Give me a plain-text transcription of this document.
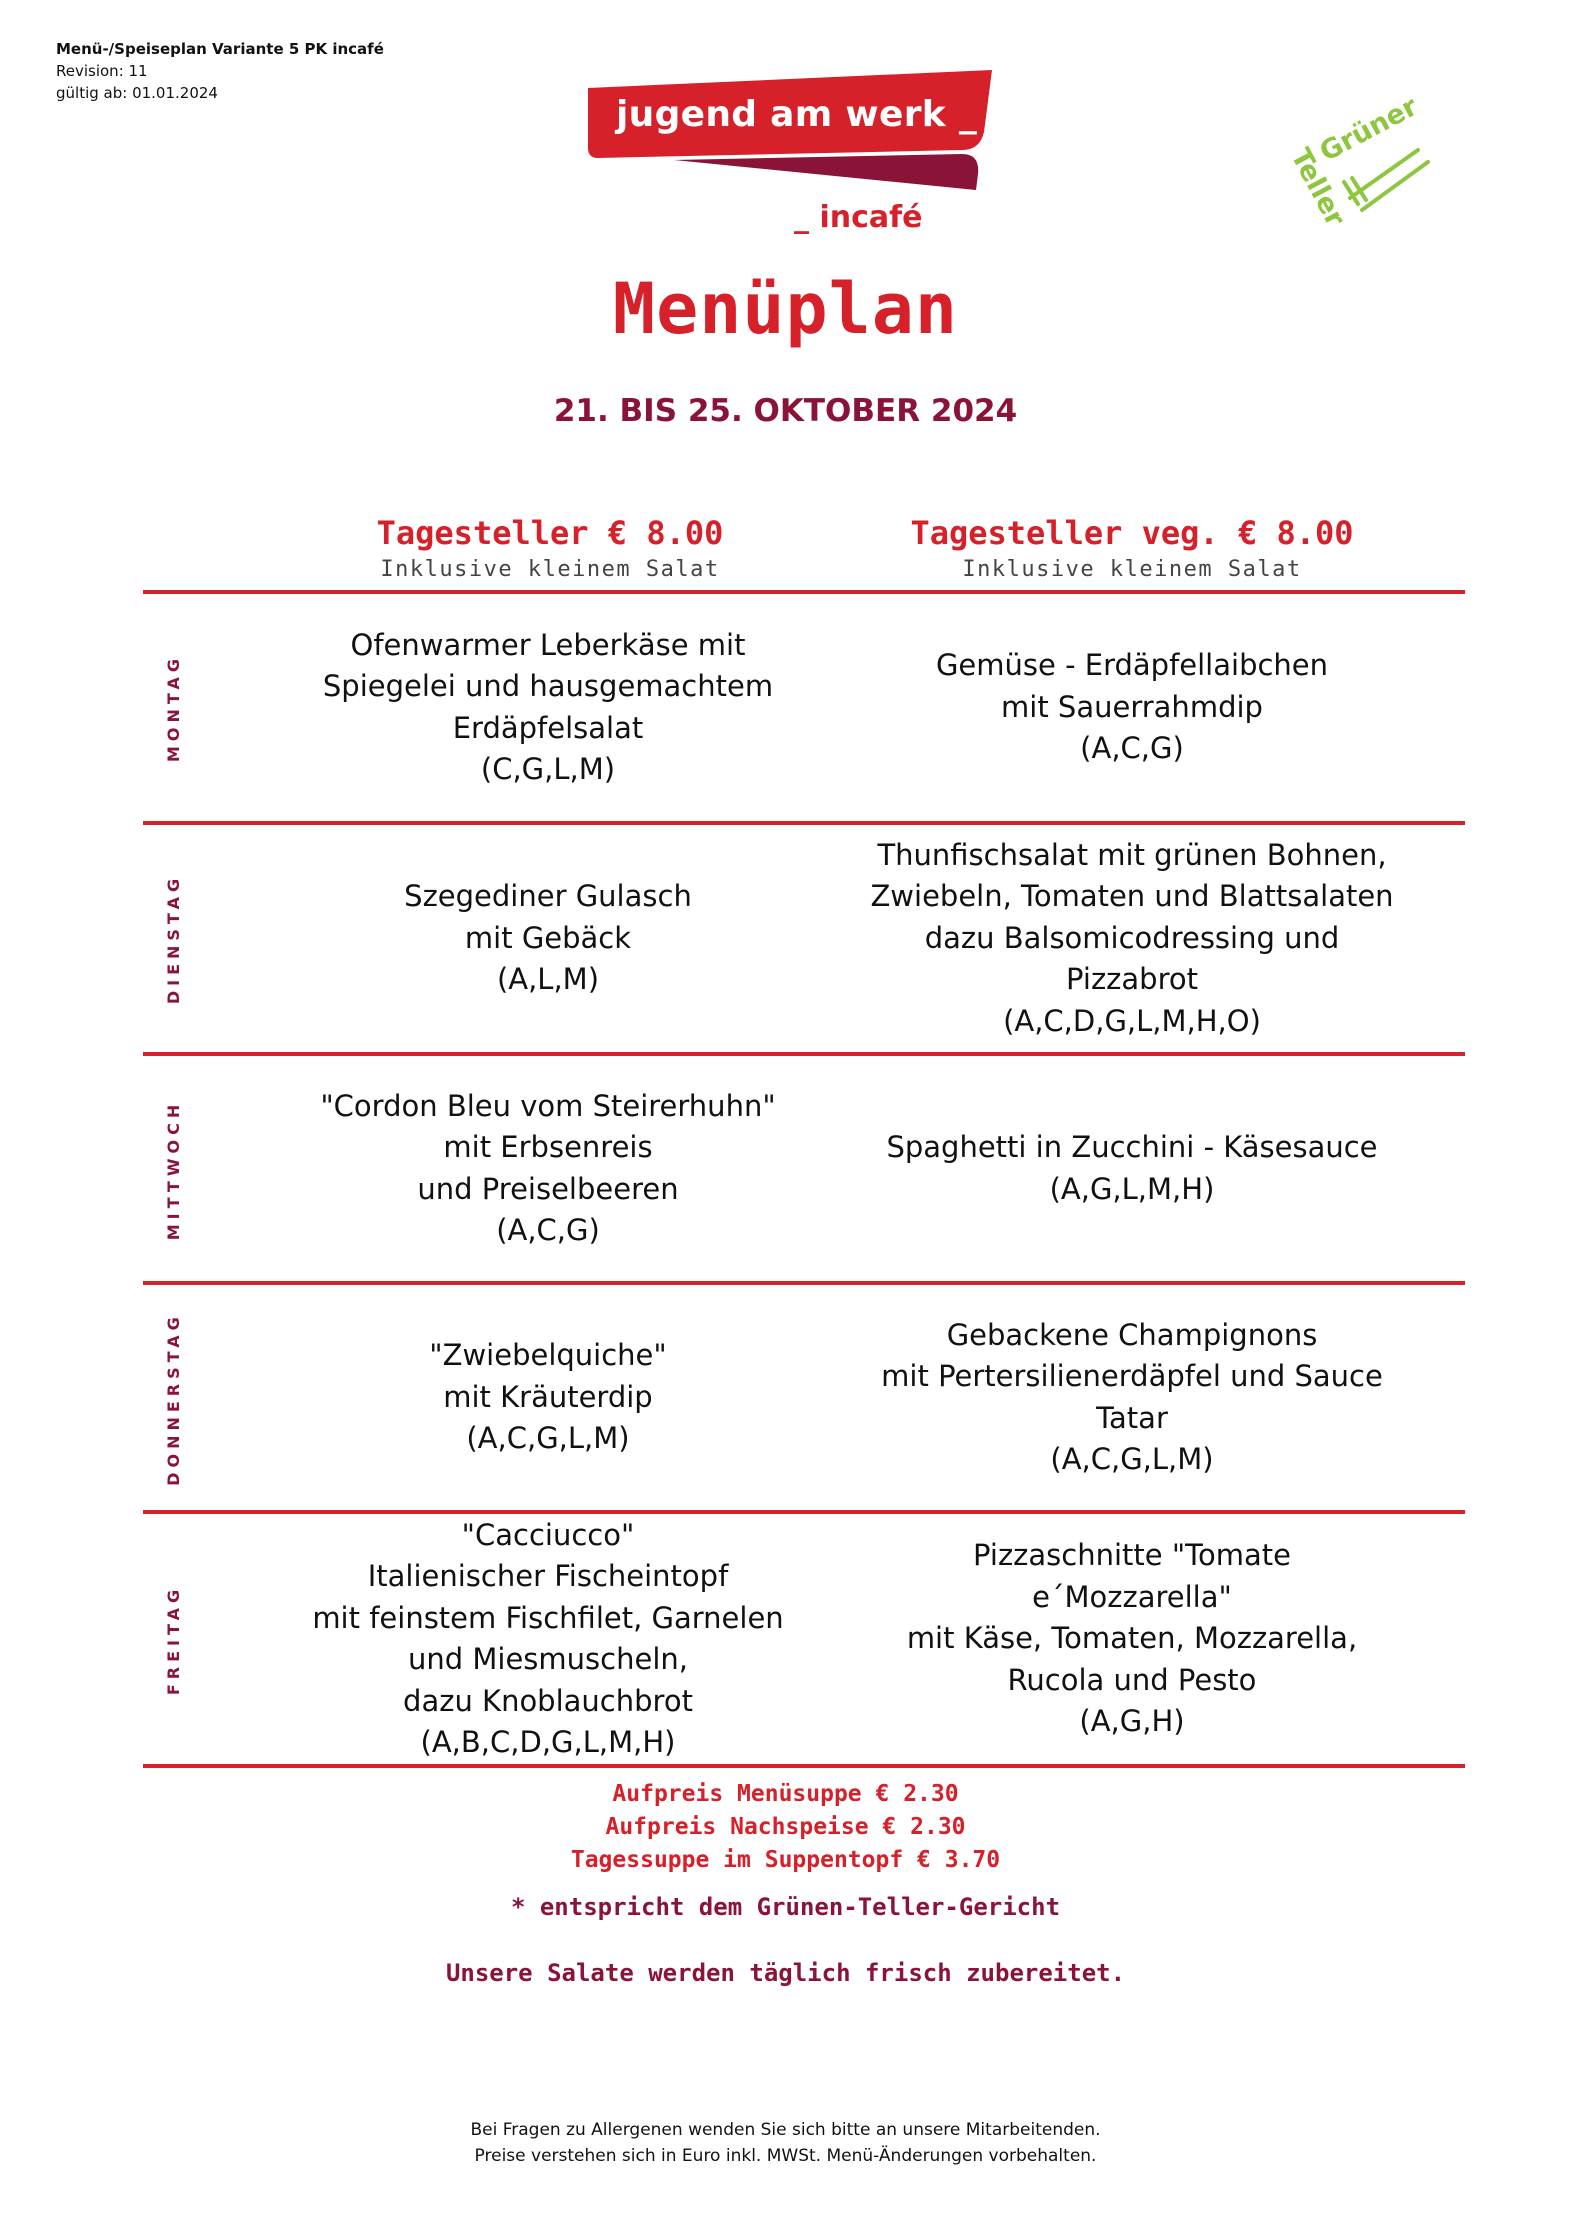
Menü-/Speiseplan Variante 5 PK incafé
Revision: 11
gültig ab: 01.01.2024
jugend am werk _
_ incafé
Grüner
Teller
Menüplan
21. BIS 25. OKTOBER 2024
Tagesteller € 8.00
Inklusive kleinem Salat
Tagesteller veg. € 8.00
Inklusive kleinem Salat
MONTAG
DIENSTAG
MITTWOCH
DONNERSTAG
FREITAG
Ofenwarmer Leberkäse mit
Spiegelei und hausgemachtem
Erdäpfelsalat
(C,G,L,M)
Gemüse - Erdäpfellaibchen
mit Sauerrahmdip
(A,C,G)
Szegediner Gulasch
mit Gebäck
(A,L,M)
Thunfischsalat mit grünen Bohnen,
Zwiebeln, Tomaten und Blattsalaten
dazu Balsomicodressing und
Pizzabrot
(A,C,D,G,L,M,H,O)
"Cordon Bleu vom Steirerhuhn"
mit Erbsenreis
und Preiselbeeren
(A,C,G)
Spaghetti in Zucchini - Käsesauce
(A,G,L,M,H)
"Zwiebelquiche"
mit Kräuterdip
(A,C,G,L,M)
Gebackene Champignons
mit Pertersilienerdäpfel und Sauce
Tatar
(A,C,G,L,M)
"Cacciucco"
Italienischer Fischeintopf
mit feinstem Fischfilet, Garnelen
und Miesmuscheln,
dazu Knoblauchbrot
(A,B,C,D,G,L,M,H)
Pizzaschnitte "Tomate
e´Mozzarella"
mit Käse, Tomaten, Mozzarella,
Rucola und Pesto
(A,G,H)
Aufpreis Menüsuppe € 2.30
Aufpreis Nachspeise € 2.30
Tagessuppe im Suppentopf € 3.70
* entspricht dem Grünen-Teller-Gericht
Unsere Salate werden täglich frisch zubereitet.
Bei Fragen zu Allergenen wenden Sie sich bitte an unsere Mitarbeitenden.
Preise verstehen sich in Euro inkl. MWSt. Menü-Änderungen vorbehalten.
